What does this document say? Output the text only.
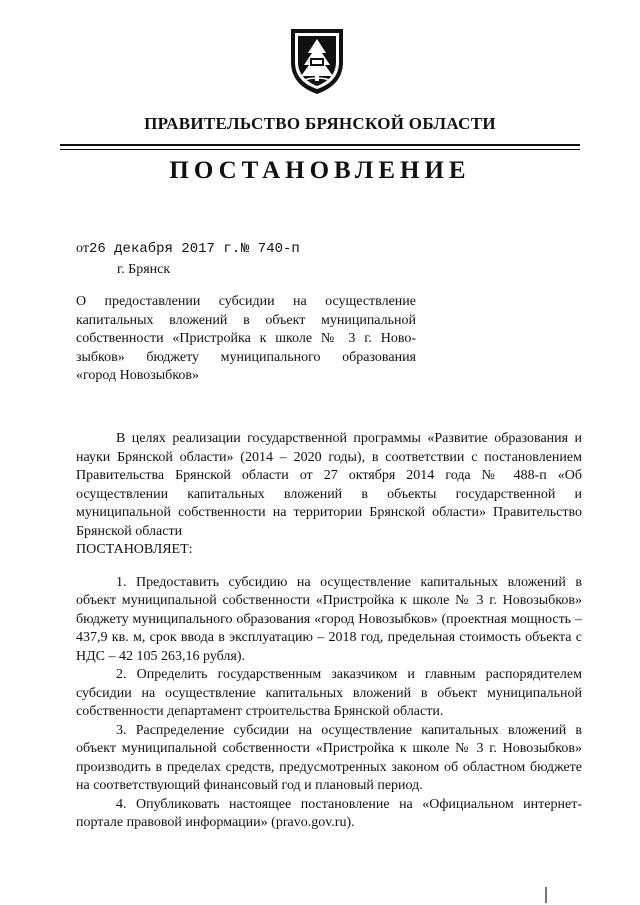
ПРАВИТЕЛЬСТВО БРЯНСКОЙ ОБЛАСТИ
ПОСТАНОВЛЕНИЕ
от26 декабря 2017 г. № 740-п
г. Брянск
О предоставлении субсидии на осуществление
капитальных вложений в объект муниципальной
собственности «Пристройка к школе № 3 г. Ново-
зыбков» бюджету муниципального образования
«город Новозыбков»

В целях реализации государственной программы «Развитие образования и науки Брянской области» (2014 – 2020 годы), в соответствии с постановлением Правительства Брянской области от 27 октября 2014 года № 488-п «Об осуществлении капитальных вложений в объекты государственной и муниципальной собственности на территории Брянской области» Правительство Брянской области

ПОСТАНОВЛЯЕТ:

1. Предоставить субсидию на осуществление капитальных вложений в объект муниципальной собственности «Пристройка к школе № 3 г. Новозыбков» бюджету муниципального образования «город Новозыбков» (проектная мощность – 437,9 кв. м, срок ввода в эксплуатацию – 2018 год, предельная стоимость объекта с НДС – 42 105 263,16 рубля).

2. Определить государственным заказчиком и главным распорядителем субсидии на осуществление капитальных вложений в объект муниципальной собственности департамент строительства Брянской области.

3. Распределение субсидии на осуществление капитальных вложений в объект муниципальной собственности «Пристройка к школе № 3 г. Новозыбков» производить в пределах средств, предусмотренных законом об областном бюджете на соответствующий финансовый год и плановый период.

4. Опубликовать настоящее постановление на «Официальном интернет-портале правовой информации» (pravo.gov.ru).
